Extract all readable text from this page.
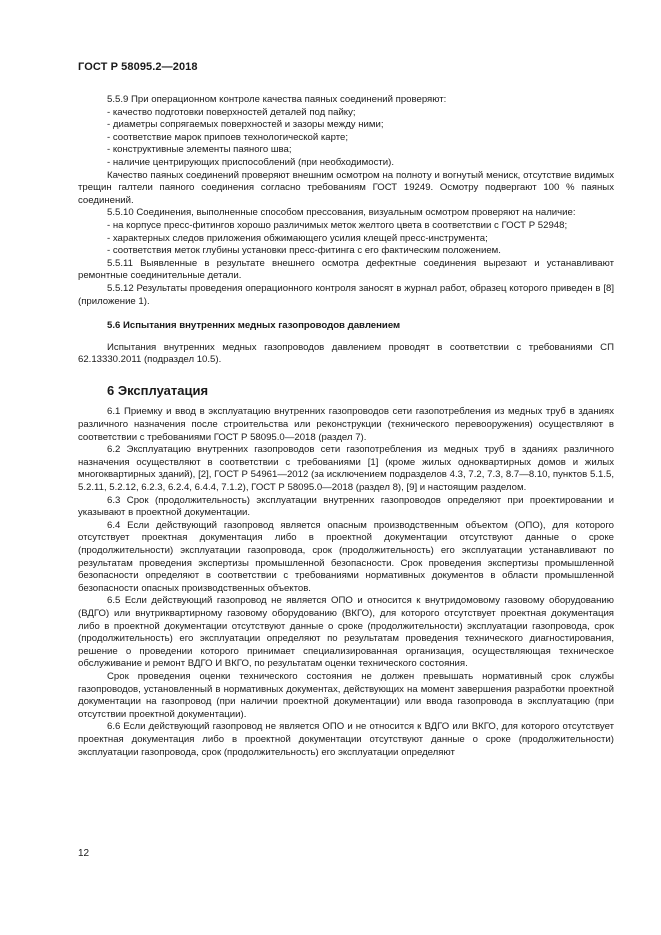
ГОСТ Р 58095.2—2018

5.5.9 При операционном контроле качества паяных соединений проверяют:

- качество подготовки поверхностей деталей под пайку;

- диаметры сопрягаемых поверхностей и зазоры между ними;

- соответствие марок припоев технологической карте;

- конструктивные элементы паяного шва;

- наличие центрирующих приспособлений (при необходимости).

Качество паяных соединений проверяют внешним осмотром на полноту и вогнутый мениск, отсутствие видимых трещин галтели паяного соединения согласно требованиям ГОСТ 19249. Осмотру подвергают 100 % паяных соединений.

5.5.10 Соединения, выполненные способом прессования, визуальным осмотром проверяют на наличие:

- на корпусе пресс-фитингов хорошо различимых меток желтого цвета в соответствии с ГОСТ Р 52948;

- характерных следов приложения обжимающего усилия клещей пресс-инструмента;

- соответствия меток глубины установки пресс-фитинга с его фактическим положением.

5.5.11 Выявленные в результате внешнего осмотра дефектные соединения вырезают и устанавливают ремонтные соединительные детали.

5.5.12 Результаты проведения операционного контроля заносят в журнал работ, образец которого приведен в [8] (приложение 1).

5.6 Испытания внутренних медных газопроводов давлением

Испытания внутренних медных газопроводов давлением проводят в соответствии с требованиями СП 62.13330.2011 (подраздел 10.5).

6 Эксплуатация

6.1 Приемку и ввод в эксплуатацию внутренних газопроводов сети газопотребления из медных труб в зданиях различного назначения после строительства или реконструкции (технического перевооружения) осуществляют в соответствии с требованиями ГОСТ Р 58095.0—2018 (раздел 7).

6.2 Эксплуатацию внутренних газопроводов сети газопотребления из медных труб в зданиях различного назначения осуществляют в соответствии с требованиями [1] (кроме жилых одноквартирных домов и жилых многоквартирных зданий), [2], ГОСТ Р 54961—2012 (за исключением подразделов 4.3, 7.2, 7.3, 8.7—8.10, пунктов 5.1.5, 5.2.11, 5.2.12, 6.2.3, 6.2.4, 6.4.4, 7.1.2), ГОСТ Р 58095.0—2018 (раздел 8), [9] и настоящим разделом.

6.3 Срок (продолжительность) эксплуатации внутренних газопроводов определяют при проектировании и указывают в проектной документации.

6.4 Если действующий газопровод является опасным производственным объектом (ОПО), для которого отсутствует проектная документация либо в проектной документации отсутствуют данные о сроке (продолжительности) эксплуатации газопровода, срок (продолжительность) его эксплуатации устанавливают по результатам проведения экспертизы промышленной безопасности. Срок проведения экспертизы промышленной безопасности определяют в соответствии с требованиями нормативных документов в области промышленной безопасности опасных производственных объектов.

6.5 Если действующий газопровод не является ОПО и относится к внутридомовому газовому оборудованию (ВДГО) или внутриквартирному газовому оборудованию (ВКГО), для которого отсутствует проектная документация либо в проектной документации отсутствуют данные о сроке (продолжительности) эксплуатации газопровода, срок (продолжительность) его эксплуатации определяют по результатам проведения технического диагностирования, решение о проведении которого принимает специализированная организация, осуществляющая техническое обслуживание и ремонт ВДГО И ВКГО, по результатам оценки технического состояния.

Срок проведения оценки технического состояния не должен превышать нормативный срок службы газопроводов, установленный в нормативных документах, действующих на момент завершения разработки проектной документации на газопровод (при наличии проектной документации) или ввода газопровода в эксплуатацию (при отсутствии проектной документации).

6.6 Если действующий газопровод не является ОПО и не относится к ВДГО или ВКГО, для которого отсутствует проектная документация либо в проектной документации отсутствуют данные о сроке (продолжительности) эксплуатации газопровода, срок (продолжительность) его эксплуатации определяют

12
